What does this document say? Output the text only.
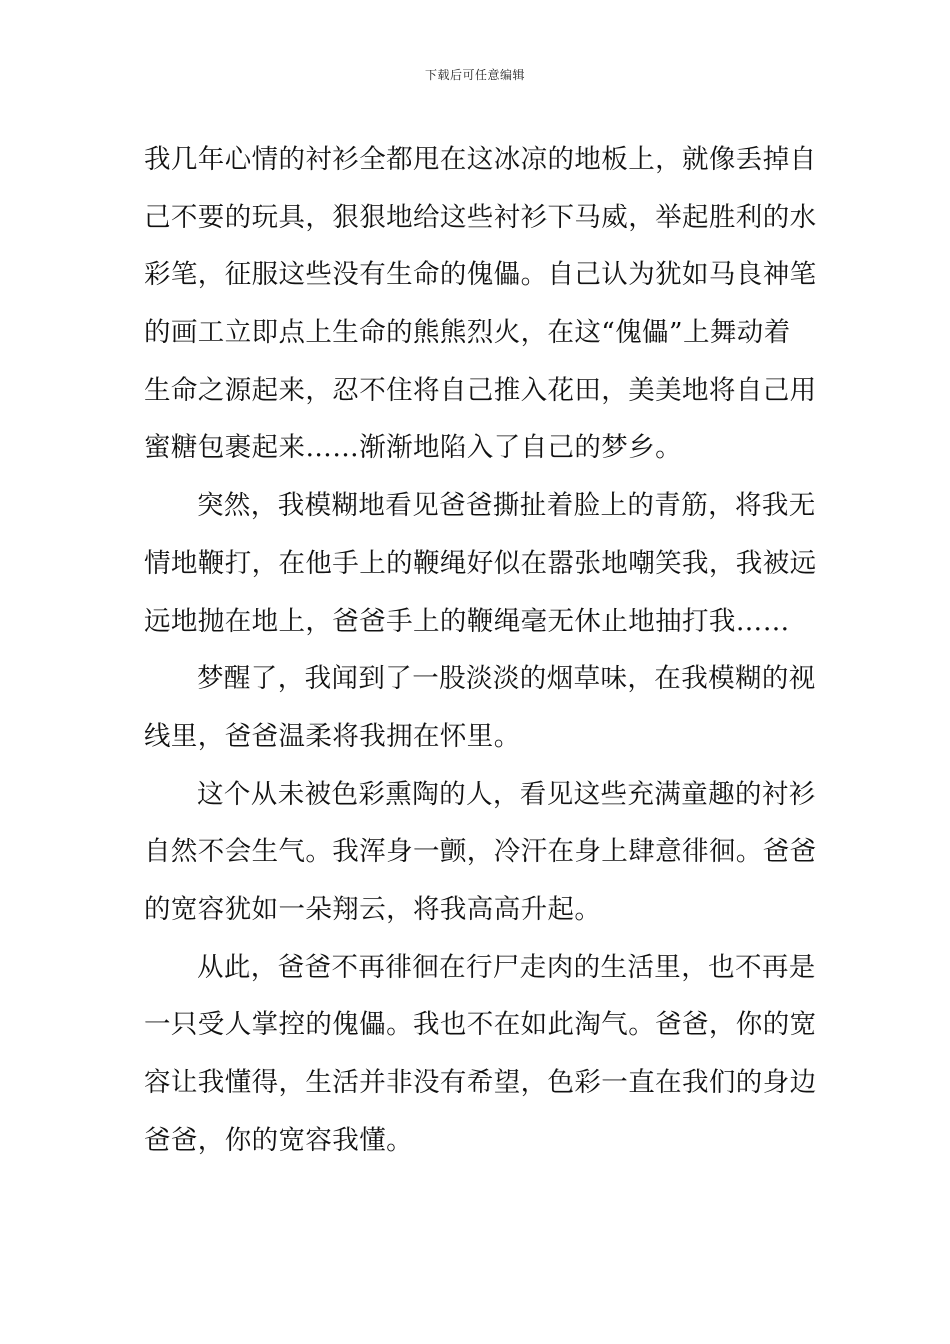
下载后可任意编辑
我几年心情的衬衫全都甩在这冰凉的地板上，就像丢掉自
己不要的玩具，狠狠地给这些衬衫下马威，举起胜利的水
彩笔，征服这些没有生命的傀儡。自己认为犹如马良神笔
的画工立即点上生命的熊熊烈火，在这“傀儡”上舞动着
生命之源起来，忍不住将自己推入花田，美美地将自己用
蜜糖包裹起来……渐渐地陷入了自己的梦乡。
突然，我模糊地看见爸爸撕扯着脸上的青筋，将我无
情地鞭打，在他手上的鞭绳好似在嚣张地嘲笑我，我被远
远地抛在地上，爸爸手上的鞭绳毫无休止地抽打我……
梦醒了，我闻到了一股淡淡的烟草味，在我模糊的视
线里，爸爸温柔将我拥在怀里。
这个从未被色彩熏陶的人，看见这些充满童趣的衬衫
自然不会生气。我浑身一颤，冷汗在身上肆意徘徊。爸爸
的宽容犹如一朵翔云，将我高高升起。
从此，爸爸不再徘徊在行尸走肉的生活里，也不再是
一只受人掌控的傀儡。我也不在如此淘气。爸爸，你的宽
容让我懂得，生活并非没有希望，色彩一直在我们的身边
爸爸，你的宽容我懂。
